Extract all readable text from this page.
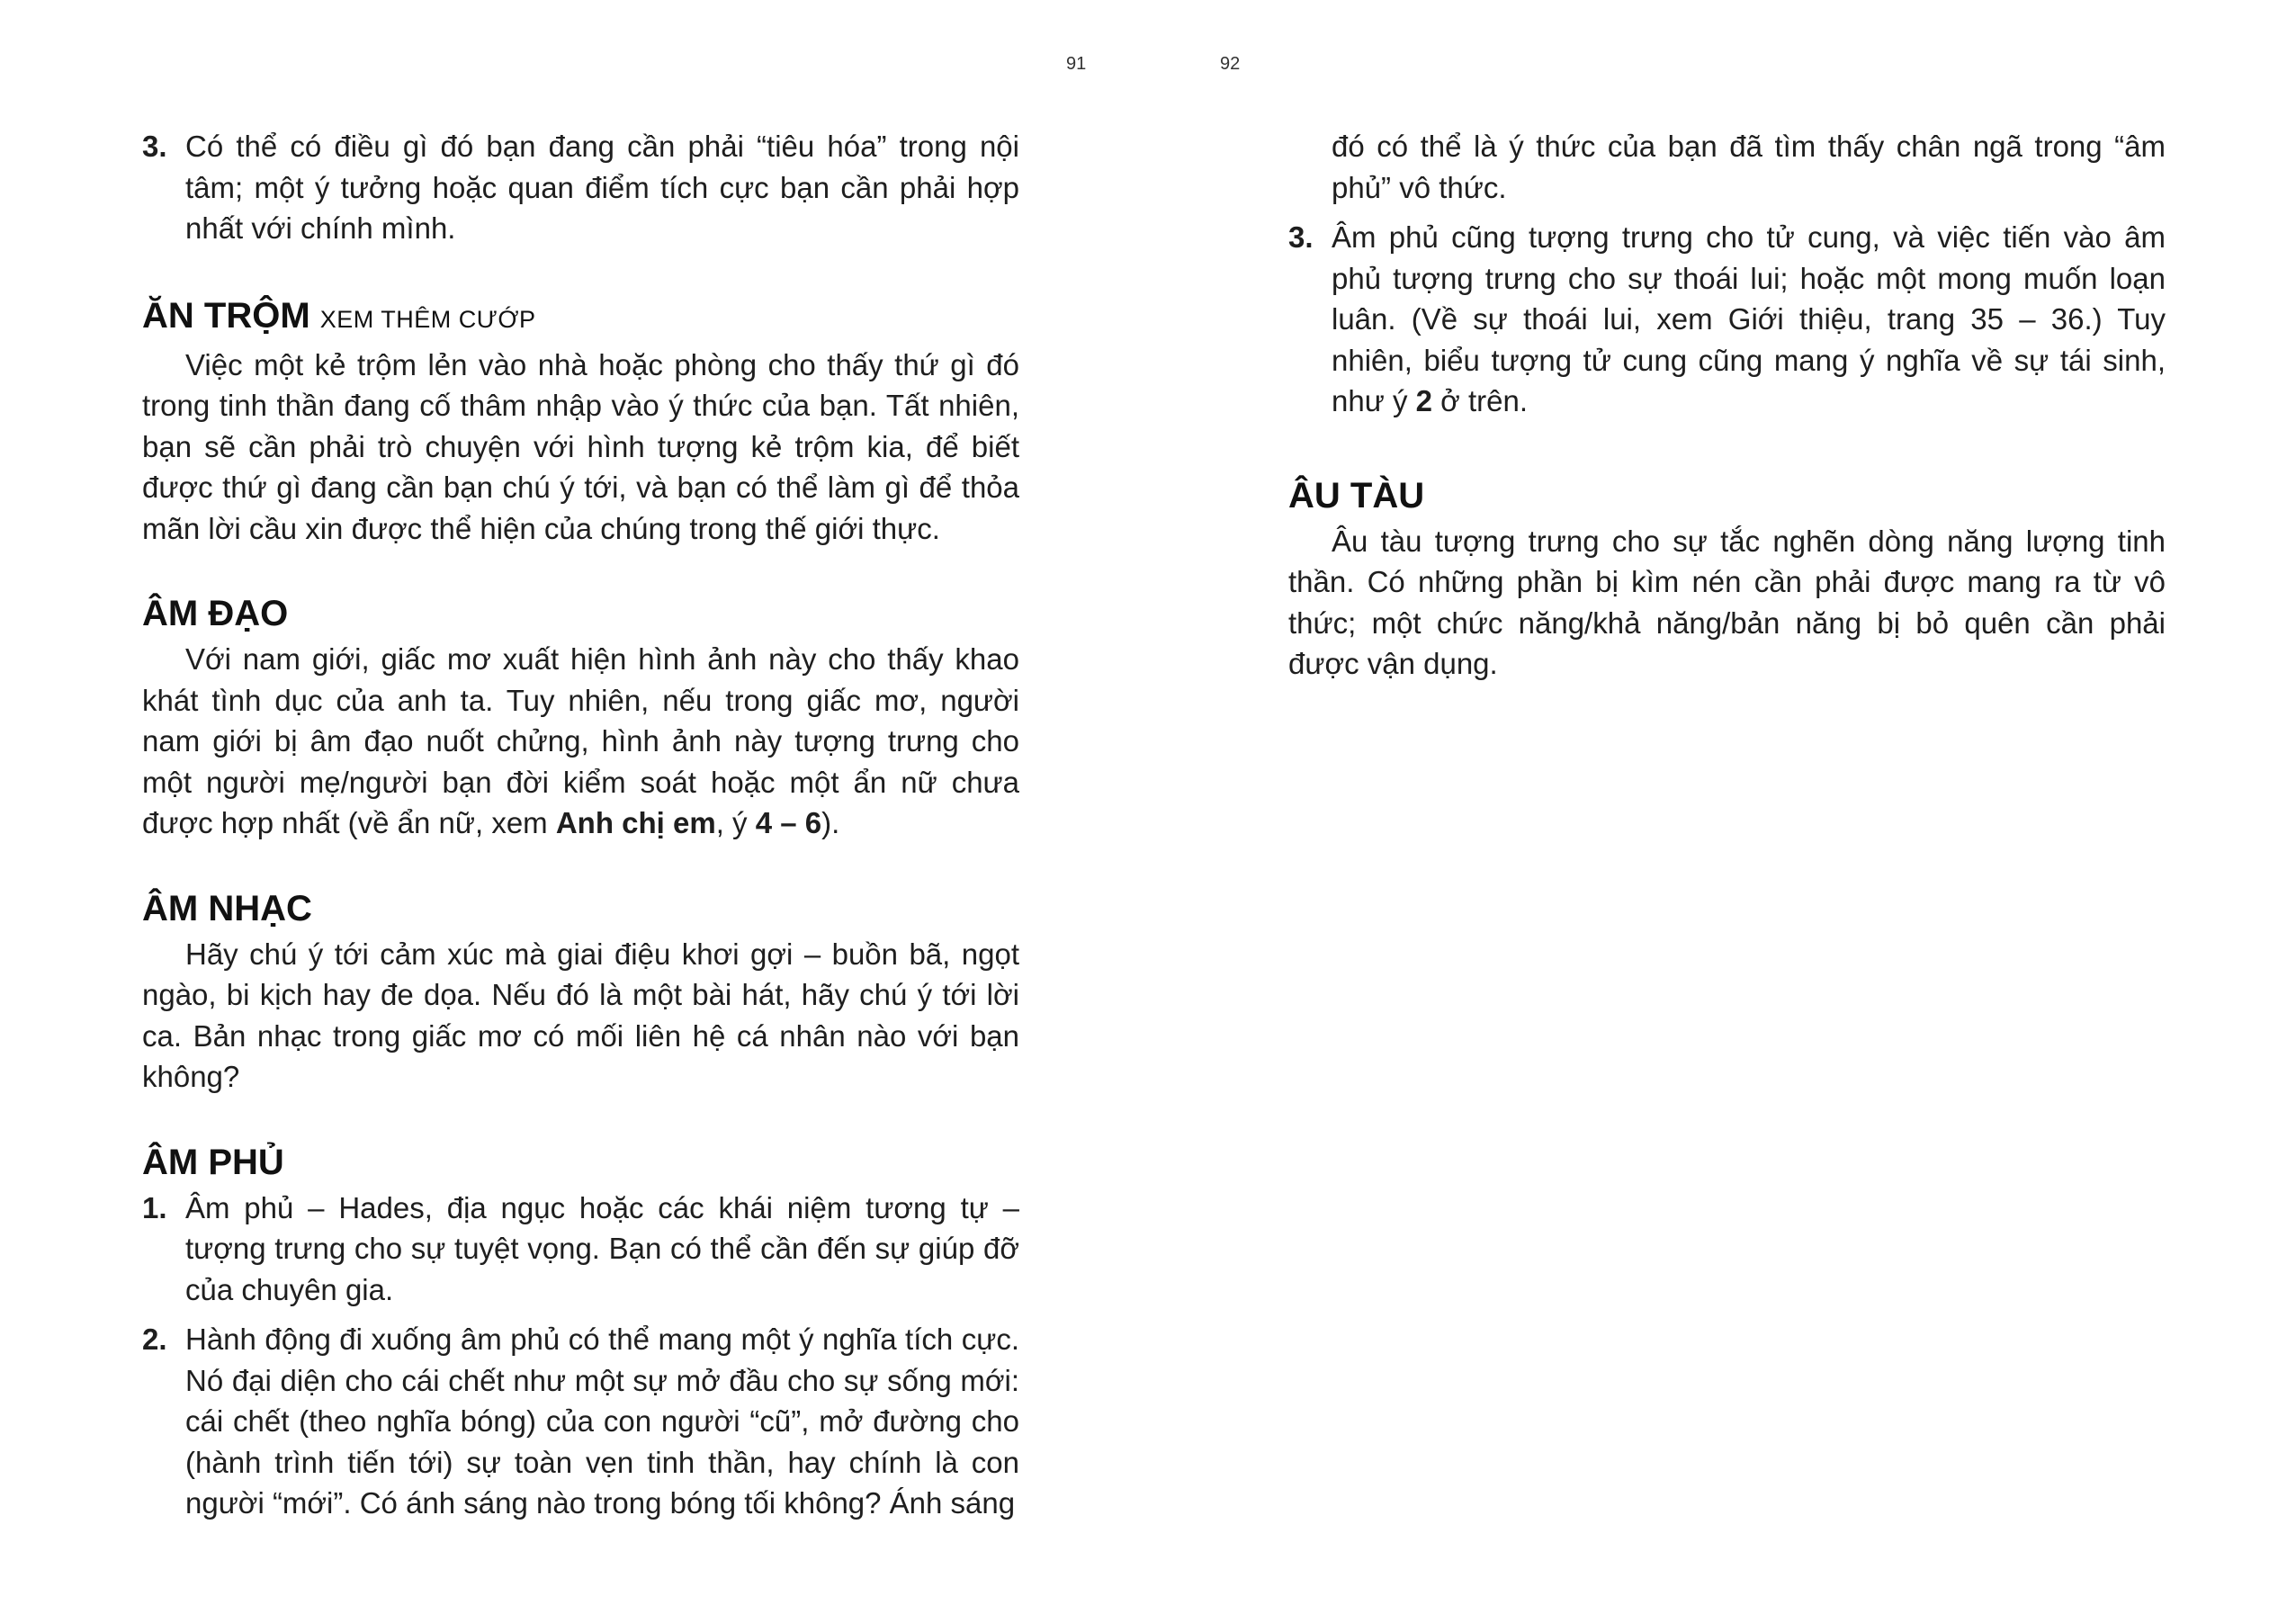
91	92
3. Có thể có điều gì đó bạn đang cần phải “tiêu hóa” trong nội tâm; một ý tưởng hoặc quan điểm tích cực bạn cần phải hợp nhất với chính mình.
ĂN TRỘM XEM THÊM CƯỚP

Việc một kẻ trộm lẻn vào nhà hoặc phòng cho thấy thứ gì đó trong tinh thần đang cố thâm nhập vào ý thức của bạn. Tất nhiên, bạn sẽ cần phải trò chuyện với hình tượng kẻ trộm kia, để biết được thứ gì đang cần bạn chú ý tới, và bạn có thể làm gì để thỏa mãn lời cầu xin được thể hiện của chúng trong thế giới thực.

ÂM ĐẠO

Với nam giới, giấc mơ xuất hiện hình ảnh này cho thấy khao khát tình dục của anh ta. Tuy nhiên, nếu trong giấc mơ, người nam giới bị âm đạo nuốt chửng, hình ảnh này tượng trưng cho một người mẹ/người bạn đời kiểm soát hoặc một ẩn nữ chưa được hợp nhất (về ẩn nữ, xem Anh chị em, ý 4 – 6).

ÂM NHẠC

Hãy chú ý tới cảm xúc mà giai điệu khơi gợi – buồn bã, ngọt ngào, bi kịch hay đe dọa. Nếu đó là một bài hát, hãy chú ý tới lời ca. Bản nhạc trong giấc mơ có mối liên hệ cá nhân nào với bạn không?

ÂM PHỦ
1. Âm phủ – Hades, địa ngục hoặc các khái niệm tương tự – tượng trưng cho sự tuyệt vọng. Bạn có thể cần đến sự giúp đỡ của chuyên gia.
2. Hành động đi xuống âm phủ có thể mang một ý nghĩa tích cực. Nó đại diện cho cái chết như một sự mở đầu cho sự sống mới: cái chết (theo nghĩa bóng) của con người “cũ”, mở đường cho (hành trình tiến tới) sự toàn vẹn tinh thần, hay chính là con người “mới”. Có ánh sáng nào trong bóng tối không? Ánh sáng

đó có thể là ý thức của bạn đã tìm thấy chân ngã trong “âm phủ” vô thức.

3. Âm phủ cũng tượng trưng cho tử cung, và việc tiến vào âm phủ tượng trưng cho sự thoái lui; hoặc một mong muốn loạn luân. (Về sự thoái lui, xem Giới thiệu, trang 35 – 36.) Tuy nhiên, biểu tượng tử cung cũng mang ý nghĩa về sự tái sinh, như ý 2 ở trên.
ÂU TÀU

Âu tàu tượng trưng cho sự tắc nghẽn dòng năng lượng tinh thần. Có những phần bị kìm nén cần phải được mang ra từ vô thức; một chức năng/khả năng/bản năng bị bỏ quên cần phải được vận dụng.
